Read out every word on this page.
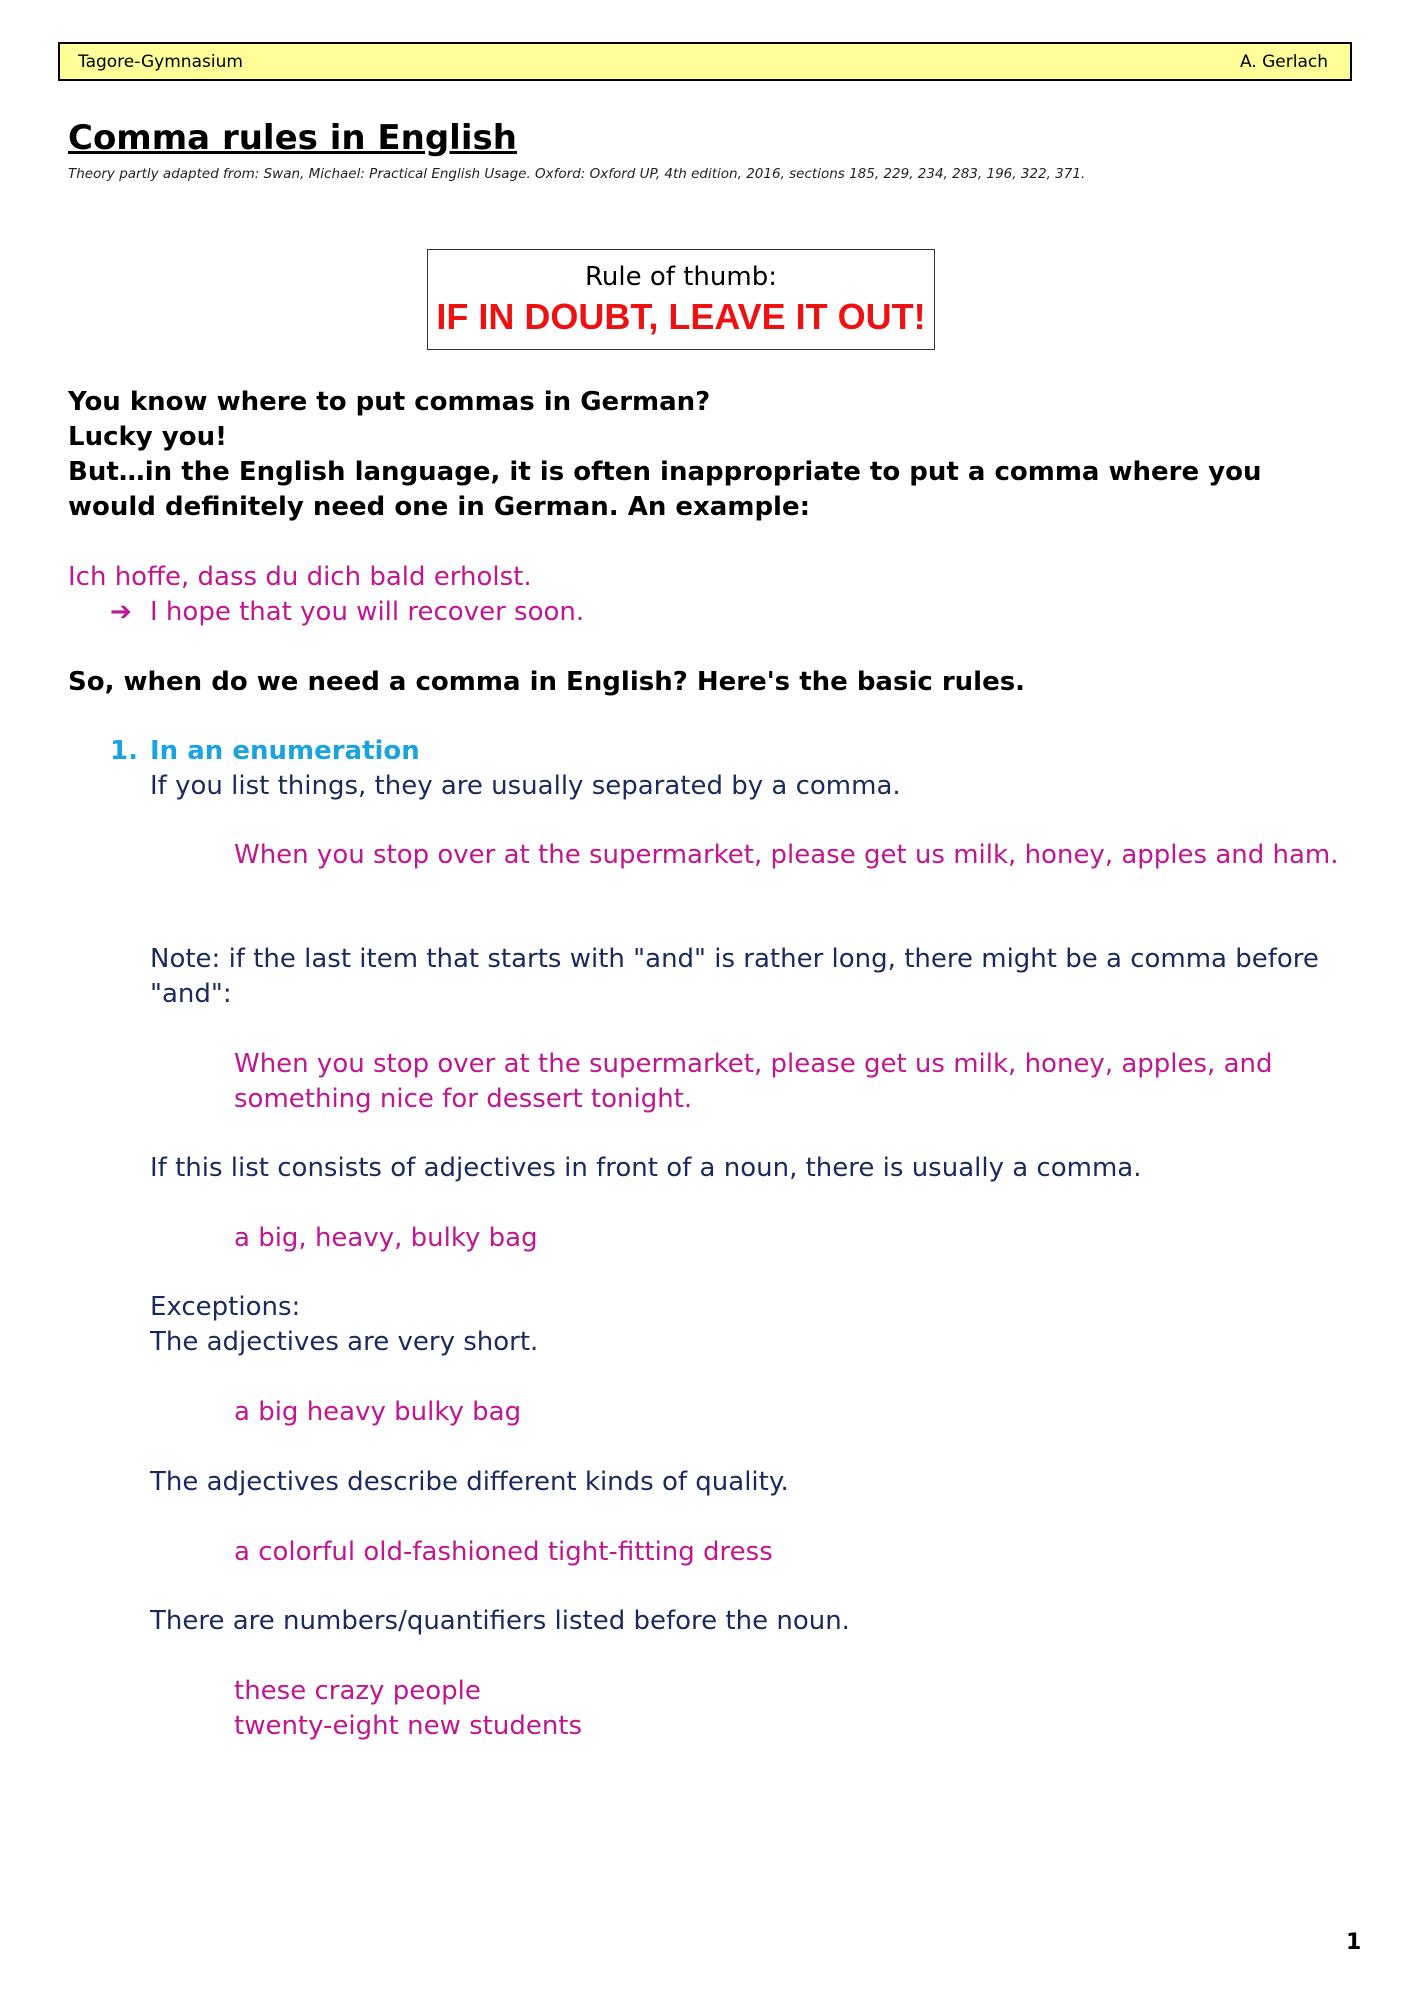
Tagore-Gymnasium	A. Gerlach
Comma rules in English
Theory partly adapted from: Swan, Michael: Practical English Usage. Oxford: Oxford UP, 4th edition, 2016, sections 185, 229, 234, 283, 196, 322, 371.
Rule of thumb:
IF IN DOUBT, LEAVE IT OUT!
You know where to put commas in German?
Lucky you!
But…in the English language, it is often inappropriate to put a comma where you would definitely need one in German. An example:
Ich hoffe, dass du dich bald erholst.
➔ I hope that you will recover soon.
So, when do we need a comma in English? Here's the basic rules.
1. In an enumeration
If you list things, they are usually separated by a comma.
When you stop over at the supermarket, please get us milk, honey, apples and ham.
Note: if the last item that starts with "and" is rather long, there might be a comma before "and":
When you stop over at the supermarket, please get us milk, honey, apples, and something nice for dessert tonight.
If this list consists of adjectives in front of a noun, there is usually a comma.
a big, heavy, bulky bag
Exceptions:
The adjectives are very short.
a big heavy bulky bag
The adjectives describe different kinds of quality.
a colorful old-fashioned tight-fitting dress
There are numbers/quantifiers listed before the noun.
these crazy people
twenty-eight new students
1
